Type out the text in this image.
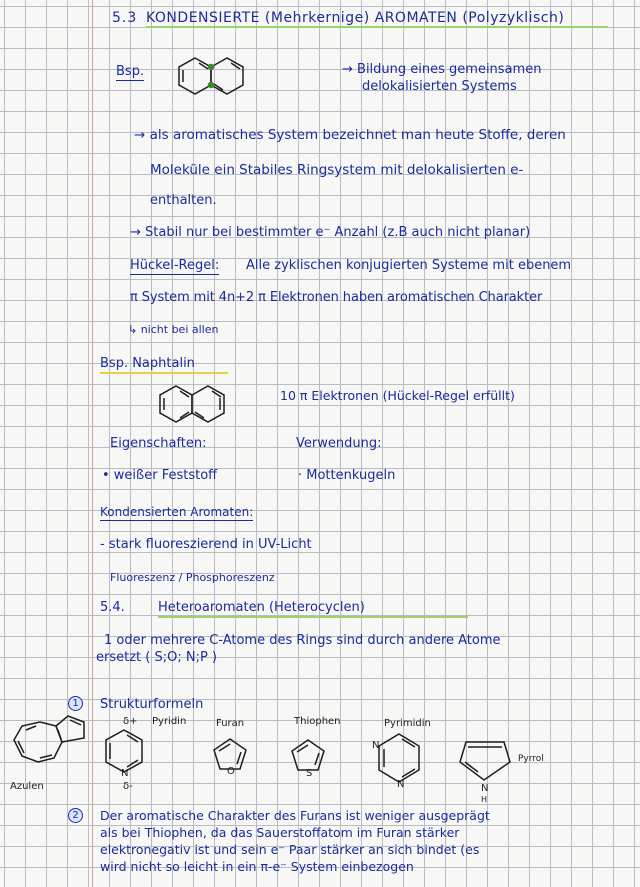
5.3 KONDENSIERTE (Mehrkernige) AROMATEN (Polyzyklisch)
Bsp.	→ Bildung eines gemeinsamen
delokalisierten Systems
→ als aromatisches System bezeichnet man heute Stoffe, deren
Moleküle ein Stabiles Ringsystem mit delokalisierten e-
enthalten.
→ Stabil nur bei bestimmter e⁻ Anzahl (z.B auch nicht planar)
Hückel-Regel: Alle zyklischen konjugierten Systeme mit ebenem
π System mit 4n+2 π Elektronen haben aromatischen Charakter
↳ nicht bei allen
Bsp. Naphtalin
10 π Elektronen (Hückel-Regel erfüllt)
Eigenschaften:	Verwendung:
• weißer Feststoff	· Mottenkugeln
Kondensierten Aromaten:
- stark fluoreszierend in UV-Licht
Fluoreszenz / Phosphoreszenz
5.4.	Heteroaromaten (Heterocyclen)
1 oder mehrere C-Atome des Rings sind durch andere Atome
ersetzt ( S;O; N;P )
1	Strukturformeln
Azulen
Pyridin
δ+
N
δ-
Furan
O
Thiophen
S
Pyrimidin
N
N
Pyrrol
N
H
2	Der aromatische Charakter des Furans ist weniger ausgeprägt
als bei Thiophen, da das Sauerstoffatom im Furan stärker
elektronegativ ist und sein e⁻ Paar stärker an sich bindet (es
wird nicht so leicht in ein π-e⁻ System einbezogen
